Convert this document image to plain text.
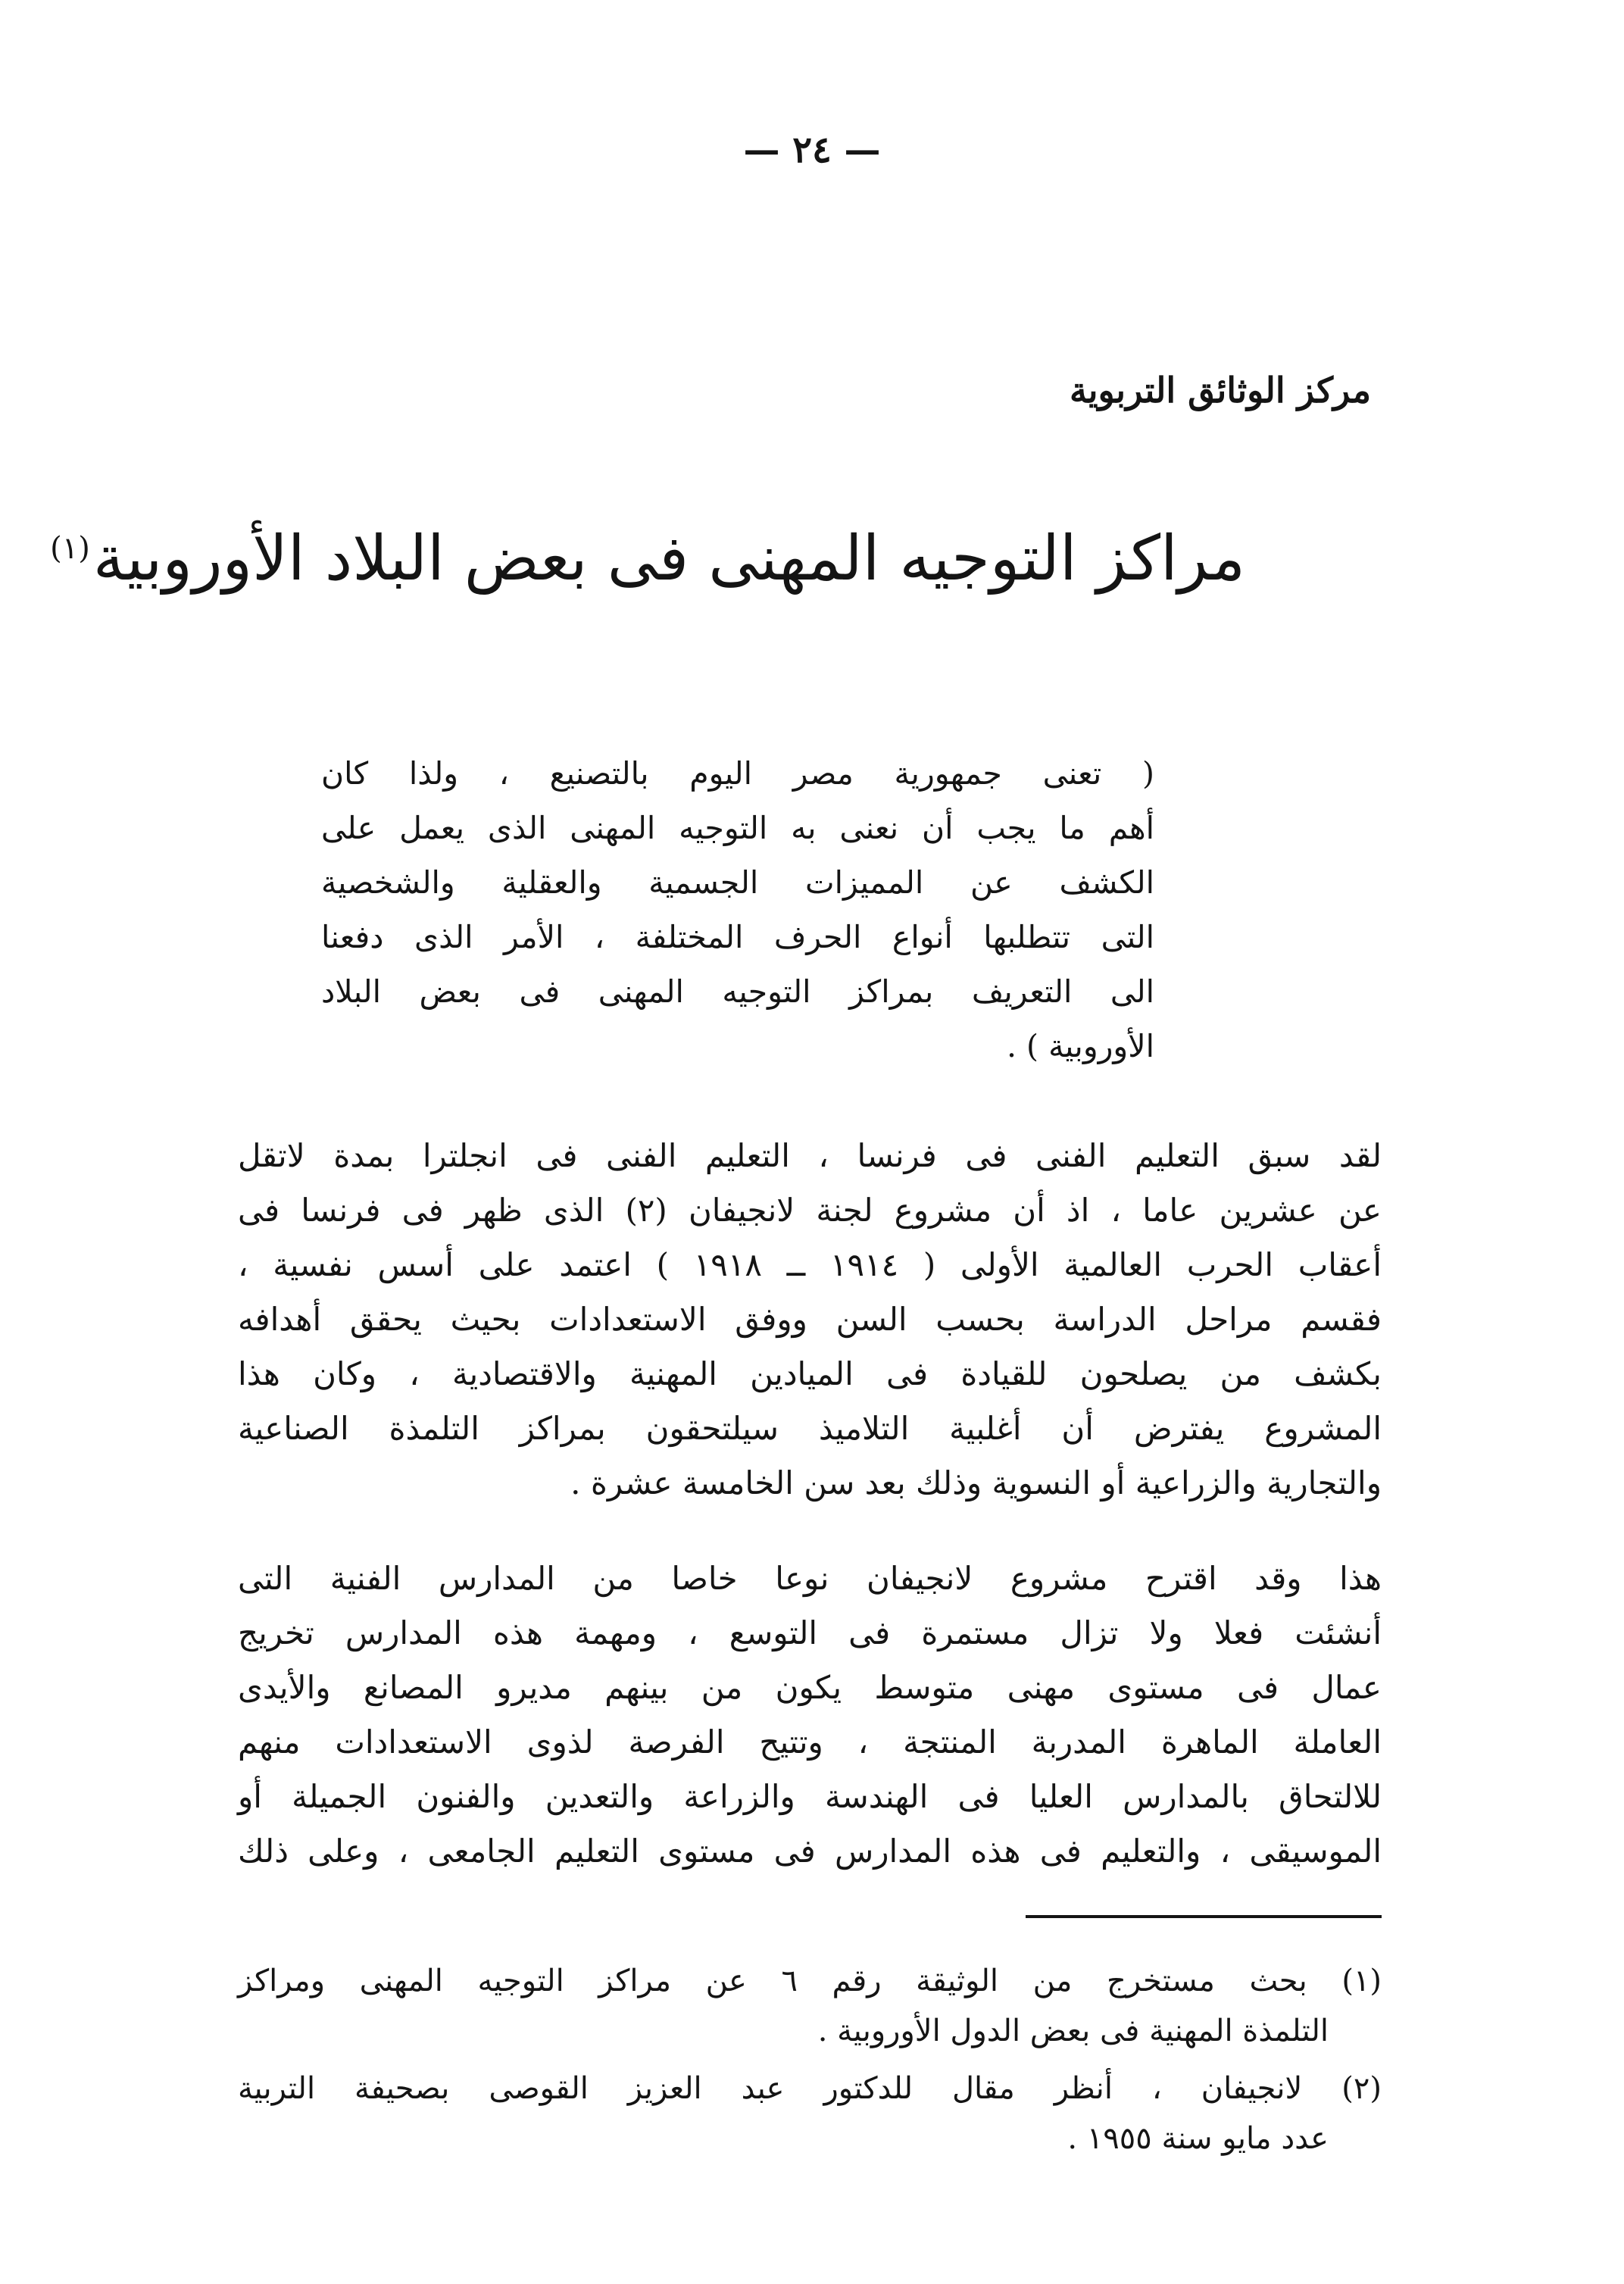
— ٢٤ —
مركز الوثائق التربوية
مراكز التوجيه المهنى فى بعض البلاد الأوروبية$^{(١)}$
( تعنى جمهورية مصر اليوم بالتصنيع ، ولذا كان
أهم ما يجب أن نعنى به التوجيه المهنى الذى يعمل على
الكشف عن المميزات الجسمية والعقلية والشخصية
التى تتطلبها أنواع الحرف المختلفة ، الأمر الذى دفعنا
الى التعريف بمراكز التوجيه المهنى فى بعض البلاد
الأوروبية ) .
لقد سبق التعليم الفنى فى فرنسا ، التعليم الفنى فى انجلترا بمدة لاتقل
عن عشرين عاما ، اذ أن مشروع لجنة لانجيفان (٢) الذى ظهر فى فرنسا فى
أعقاب الحرب العالمية الأولى ( ١٩١٤ ــ ١٩١٨ ) اعتمد على أسس نفسية ،
فقسم مراحل الدراسة بحسب السن ووفق الاستعدادات بحيث يحقق أهدافه
بكشف من يصلحون للقيادة فى الميادين المهنية والاقتصادية ، وكان هذا
المشروع يفترض أن أغلبية التلاميذ سيلتحقون بمراكز التلمذة الصناعية
والتجارية والزراعية أو النسوية وذلك بعد سن الخامسة عشرة .
هذا وقد اقترح مشروع لانجيفان نوعا خاصا من المدارس الفنية التى
أنشئت فعلا ولا تزال مستمرة فى التوسع ، ومهمة هذه المدارس تخريج
عمال فى مستوى مهنى متوسط يكون من بينهم مديرو المصانع والأيدى
العاملة الماهرة المدربة المنتجة ، وتتيح الفرصة لذوى الاستعدادات منهم
للالتحاق بالمدارس العليا فى الهندسة والزراعة والتعدين والفنون الجميلة أو
الموسيقى ، والتعليم فى هذه المدارس فى مستوى التعليم الجامعى ، وعلى ذلك
(١) بحث مستخرج من الوثيقة رقم ٦ عن مراكز التوجيه المهنى ومراكز
التلمذة المهنية فى بعض الدول الأوروبية .
(٢) لانجيفان ، أنظر مقال للدكتور عبد العزيز القوصى بصحيفة التربية
عدد مايو سنة ١٩٥٥ .
